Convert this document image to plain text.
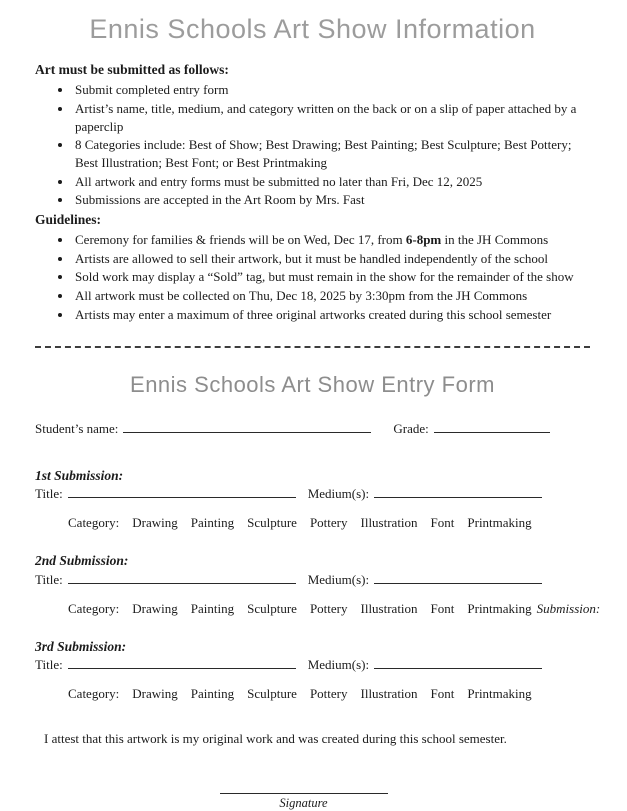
Ennis Schools Art Show Information
Art must be submitted as follows:
• Submit completed entry form
• Artist’s name, title, medium, and category written on the back or on a slip of paper attached by a paperclip
• 8 Categories include: Best of Show; Best Drawing; Best Painting; Best Sculpture; Best Pottery; Best Illustration; Best Font; or Best Printmaking
• All artwork and entry forms must be submitted no later than Fri, Dec 12, 2025
• Submissions are accepted in the Art Room by Mrs. Fast
Guidelines:
• Ceremony for families & friends will be on Wed, Dec 17, from 6-8pm in the JH Commons
• Artists are allowed to sell their artwork, but it must be handled independently of the school
• Sold work may display a “Sold” tag, but must remain in the show for the remainder of the show
• All artwork must be collected on Thu, Dec 18, 2025 by 3:30pm from the JH Commons
• Artists may enter a maximum of three original artworks created during this school semester
Ennis Schools Art Show Entry Form
Student’s name:	Grade:
1st Submission:
Title:	Medium(s):
Category: Drawing Painting Sculpture Pottery Illustration Font Printmaking
2nd Submission:
Title:	Medium(s):
Category: Drawing Painting Sculpture Pottery Illustration Font Printmaking Submission:
3rd Submission:
Title:	Medium(s):
Category: Drawing Painting Sculpture Pottery Illustration Font Printmaking

I attest that this artwork is my original work and was created during this school semester.

Signature
